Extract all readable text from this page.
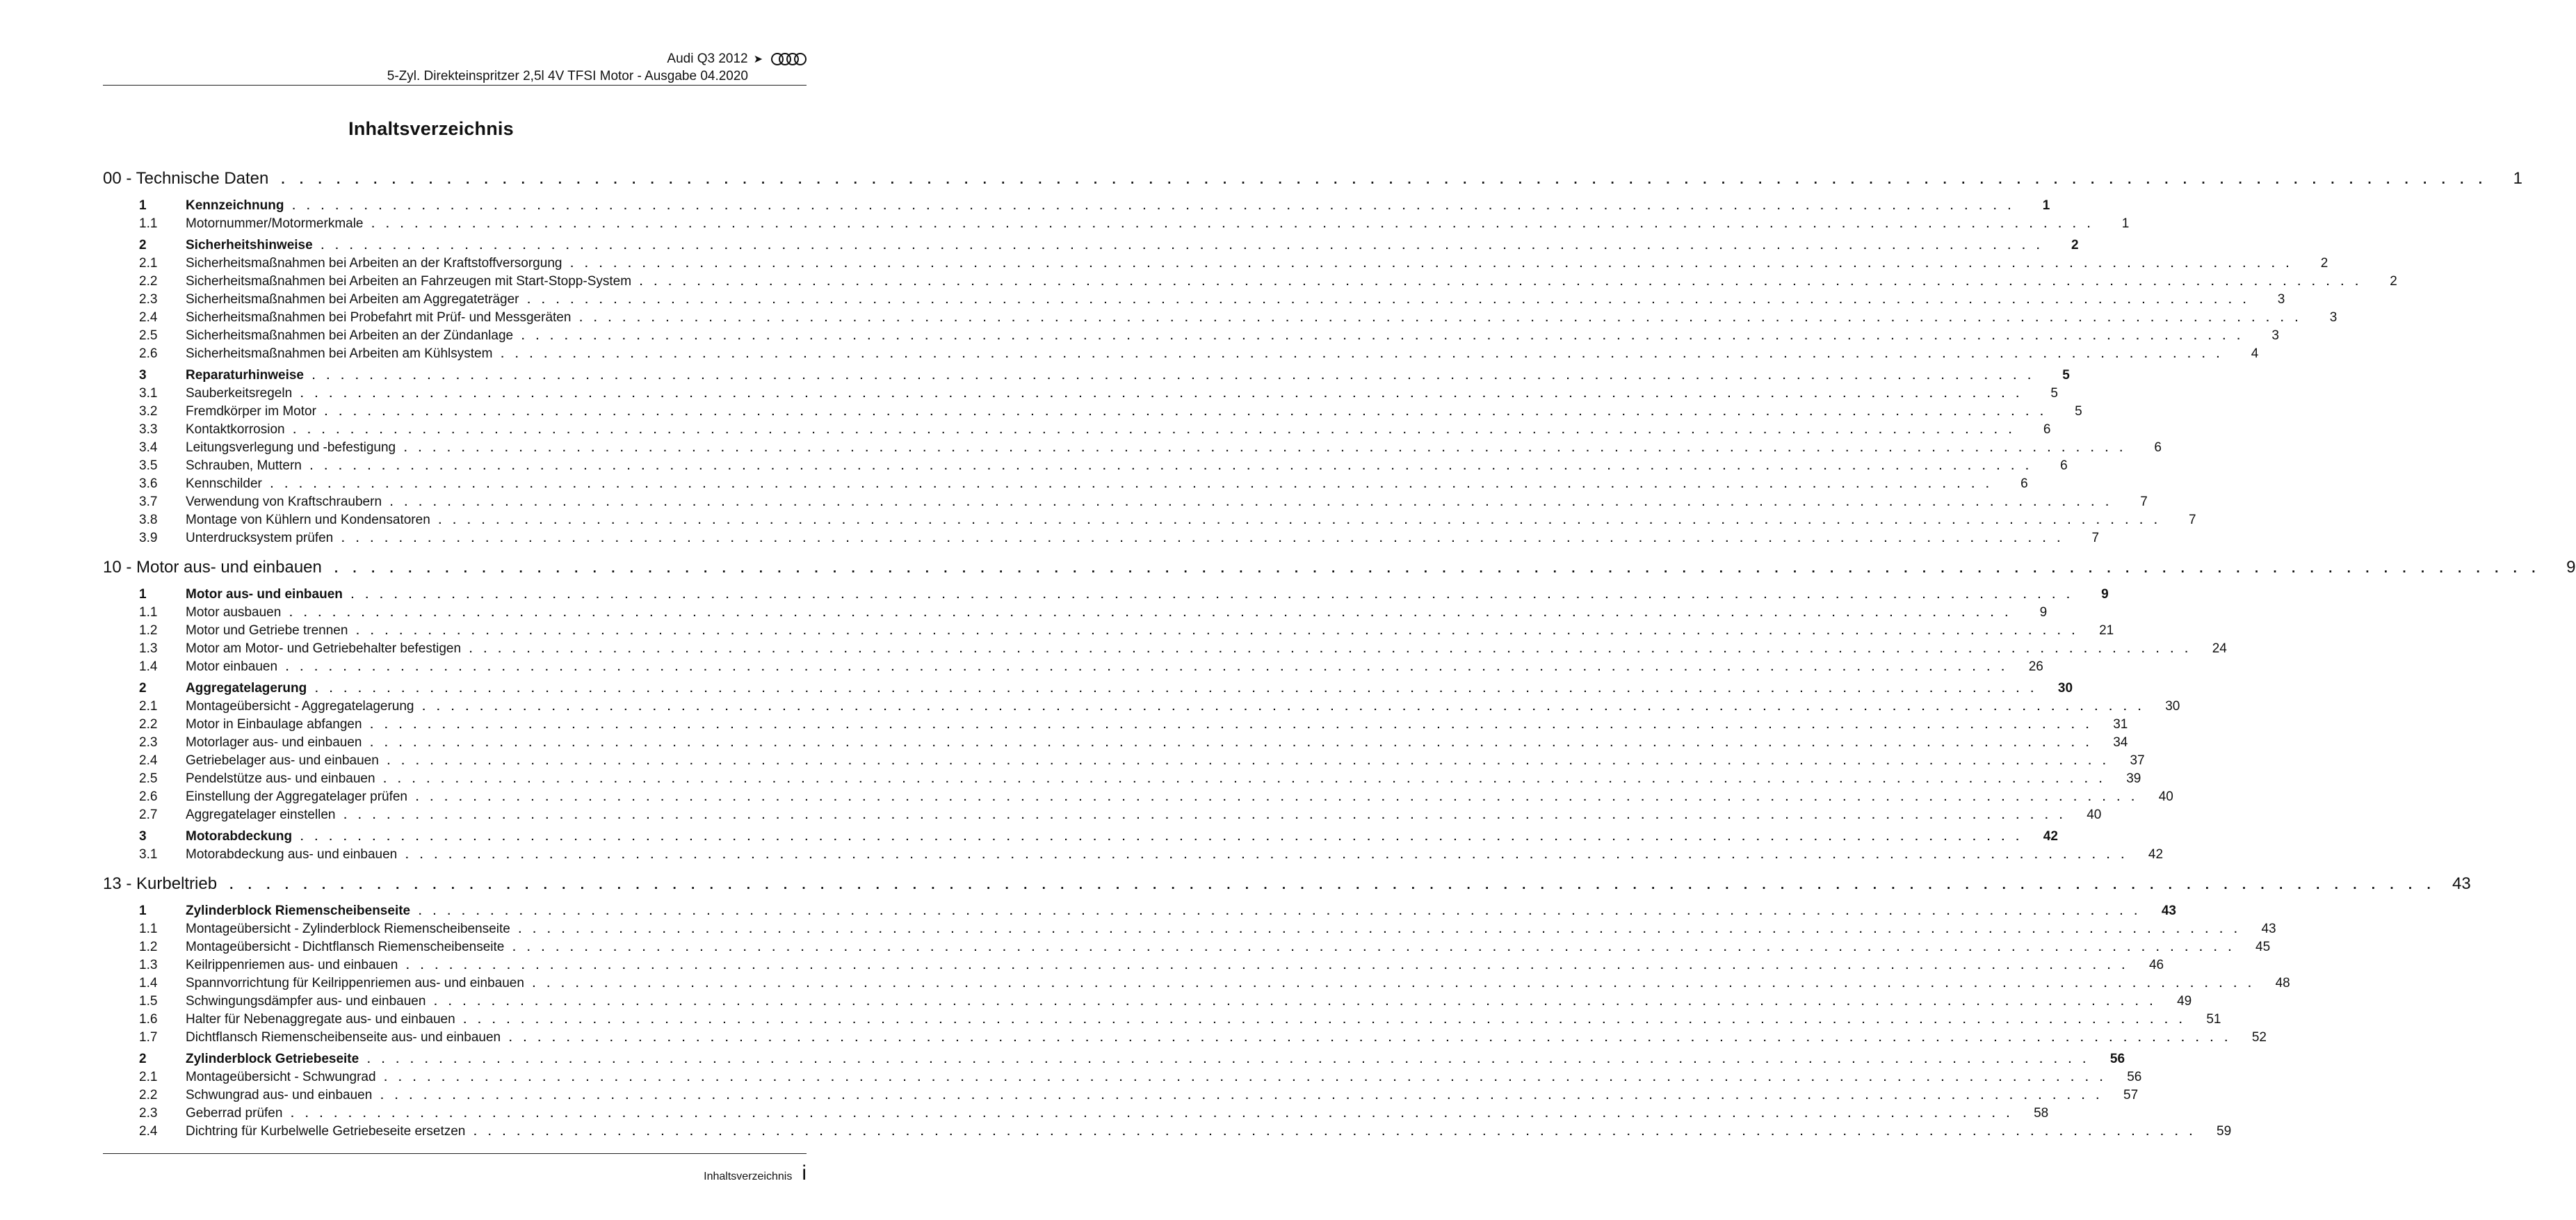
Audi Q3 2012 ➤
5-Zyl. Direkteinspritzer 2,5l 4V TFSI Motor - Ausgabe 04.2020
Inhaltsverzeichnis
00 - Technische Daten . . . . . . . . . . . . . . . . . . . . . . . . . . . . . . . . . . . . . . . . . . . . . . . . . . . . . . . . . . . . . . . . . . . . . . . . . . . . . . . . . . . . . . . . . . . . . . . . . . . . . . . . . . . . . . . . . . . . . . . .	1
1	Kennzeichnung . . . . . . . . . . . . . . . . . . . . . . . . . . . . . . . . . . . . . . . . . . . . . . . . . . . . . . . . . . . . . . . . . . . . . . . . . . . . . . . . . . . . . . . . . . . . . . . . . . . . . . . . . . . . . . . . . . . . . . . .	1
1.1	Motornummer/Motormerkmale . . . . . . . . . . . . . . . . . . . . . . . . . . . . . . . . . . . . . . . . . . . . . . . . . . . . . . . . . . . . . . . . . . . . . . . . . . . . . . . . . . . . . . . . . . . . . . . . . . . . . . . . . . . . . . . . . . . . . . . .	1
2	Sicherheitshinweise . . . . . . . . . . . . . . . . . . . . . . . . . . . . . . . . . . . . . . . . . . . . . . . . . . . . . . . . . . . . . . . . . . . . . . . . . . . . . . . . . . . . . . . . . . . . . . . . . . . . . . . . . . . . . . . . . . . . . . . .	2
2.1	Sicherheitsmaßnahmen bei Arbeiten an der Kraftstoffversorgung . . . . . . . . . . . . . . . . . . . . . . . . . . . . . . . . . . . . . . . . . . . . . . . . . . . . . . . . . . . . . . . . . . . . . . . . . . . . . . . . . . . . . . . . . . . . . . . . . . . . . . . . . . . . . . . . . . . . . . . .	2
2.2	Sicherheitsmaßnahmen bei Arbeiten an Fahrzeugen mit Start-Stopp-System . . . . . . . . . . . . . . . . . . . . . . . . . . . . . . . . . . . . . . . . . . . . . . . . . . . . . . . . . . . . . . . . . . . . . . . . . . . . . . . . . . . . . . . . . . . . . . . . . . . . . . . . . . . . . . . . . . . . . . . .	2
2.3	Sicherheitsmaßnahmen bei Arbeiten am Aggregateträger . . . . . . . . . . . . . . . . . . . . . . . . . . . . . . . . . . . . . . . . . . . . . . . . . . . . . . . . . . . . . . . . . . . . . . . . . . . . . . . . . . . . . . . . . . . . . . . . . . . . . . . . . . . . . . . . . . . . . . . .	3
2.4	Sicherheitsmaßnahmen bei Probefahrt mit Prüf- und Messgeräten . . . . . . . . . . . . . . . . . . . . . . . . . . . . . . . . . . . . . . . . . . . . . . . . . . . . . . . . . . . . . . . . . . . . . . . . . . . . . . . . . . . . . . . . . . . . . . . . . . . . . . . . . . . . . . . . . . . . . . . .	3
2.5	Sicherheitsmaßnahmen bei Arbeiten an der Zündanlage . . . . . . . . . . . . . . . . . . . . . . . . . . . . . . . . . . . . . . . . . . . . . . . . . . . . . . . . . . . . . . . . . . . . . . . . . . . . . . . . . . . . . . . . . . . . . . . . . . . . . . . . . . . . . . . . . . . . . . . .	3
2.6	Sicherheitsmaßnahmen bei Arbeiten am Kühlsystem . . . . . . . . . . . . . . . . . . . . . . . . . . . . . . . . . . . . . . . . . . . . . . . . . . . . . . . . . . . . . . . . . . . . . . . . . . . . . . . . . . . . . . . . . . . . . . . . . . . . . . . . . . . . . . . . . . . . . . . .	4
3	Reparaturhinweise . . . . . . . . . . . . . . . . . . . . . . . . . . . . . . . . . . . . . . . . . . . . . . . . . . . . . . . . . . . . . . . . . . . . . . . . . . . . . . . . . . . . . . . . . . . . . . . . . . . . . . . . . . . . . . . . . . . . . . . .	5
3.1	Sauberkeitsregeln . . . . . . . . . . . . . . . . . . . . . . . . . . . . . . . . . . . . . . . . . . . . . . . . . . . . . . . . . . . . . . . . . . . . . . . . . . . . . . . . . . . . . . . . . . . . . . . . . . . . . . . . . . . . . . . . . . . . . . . .	5
3.2	Fremdkörper im Motor . . . . . . . . . . . . . . . . . . . . . . . . . . . . . . . . . . . . . . . . . . . . . . . . . . . . . . . . . . . . . . . . . . . . . . . . . . . . . . . . . . . . . . . . . . . . . . . . . . . . . . . . . . . . . . . . . . . . . . . .	5
3.3	Kontaktkorrosion . . . . . . . . . . . . . . . . . . . . . . . . . . . . . . . . . . . . . . . . . . . . . . . . . . . . . . . . . . . . . . . . . . . . . . . . . . . . . . . . . . . . . . . . . . . . . . . . . . . . . . . . . . . . . . . . . . . . . . . .	6
3.4	Leitungsverlegung und -befestigung . . . . . . . . . . . . . . . . . . . . . . . . . . . . . . . . . . . . . . . . . . . . . . . . . . . . . . . . . . . . . . . . . . . . . . . . . . . . . . . . . . . . . . . . . . . . . . . . . . . . . . . . . . . . . . . . . . . . . . . .	6
3.5	Schrauben, Muttern . . . . . . . . . . . . . . . . . . . . . . . . . . . . . . . . . . . . . . . . . . . . . . . . . . . . . . . . . . . . . . . . . . . . . . . . . . . . . . . . . . . . . . . . . . . . . . . . . . . . . . . . . . . . . . . . . . . . . . . .	6
3.6	Kennschilder . . . . . . . . . . . . . . . . . . . . . . . . . . . . . . . . . . . . . . . . . . . . . . . . . . . . . . . . . . . . . . . . . . . . . . . . . . . . . . . . . . . . . . . . . . . . . . . . . . . . . . . . . . . . . . . . . . . . . . . .	6
3.7	Verwendung von Kraftschraubern . . . . . . . . . . . . . . . . . . . . . . . . . . . . . . . . . . . . . . . . . . . . . . . . . . . . . . . . . . . . . . . . . . . . . . . . . . . . . . . . . . . . . . . . . . . . . . . . . . . . . . . . . . . . . . . . . . . . . . . .	7
3.8	Montage von Kühlern und Kondensatoren . . . . . . . . . . . . . . . . . . . . . . . . . . . . . . . . . . . . . . . . . . . . . . . . . . . . . . . . . . . . . . . . . . . . . . . . . . . . . . . . . . . . . . . . . . . . . . . . . . . . . . . . . . . . . . . . . . . . . . . .	7
3.9	Unterdrucksystem prüfen . . . . . . . . . . . . . . . . . . . . . . . . . . . . . . . . . . . . . . . . . . . . . . . . . . . . . . . . . . . . . . . . . . . . . . . . . . . . . . . . . . . . . . . . . . . . . . . . . . . . . . . . . . . . . . . . . . . . . . . .	7
10 - Motor aus- und einbauen . . . . . . . . . . . . . . . . . . . . . . . . . . . . . . . . . . . . . . . . . . . . . . . . . . . . . . . . . . . . . . . . . . . . . . . . . . . . . . . . . . . . . . . . . . . . . . . . . . . . . . . . . . . . . . . . . . . . . . . .	9
1	Motor aus- und einbauen . . . . . . . . . . . . . . . . . . . . . . . . . . . . . . . . . . . . . . . . . . . . . . . . . . . . . . . . . . . . . . . . . . . . . . . . . . . . . . . . . . . . . . . . . . . . . . . . . . . . . . . . . . . . . . . . . . . . . . . .	9
1.1	Motor ausbauen . . . . . . . . . . . . . . . . . . . . . . . . . . . . . . . . . . . . . . . . . . . . . . . . . . . . . . . . . . . . . . . . . . . . . . . . . . . . . . . . . . . . . . . . . . . . . . . . . . . . . . . . . . . . . . . . . . . . . . . .	9
1.2	Motor und Getriebe trennen . . . . . . . . . . . . . . . . . . . . . . . . . . . . . . . . . . . . . . . . . . . . . . . . . . . . . . . . . . . . . . . . . . . . . . . . . . . . . . . . . . . . . . . . . . . . . . . . . . . . . . . . . . . . . . . . . . . . . . . .	21
1.3	Motor am Motor- und Getriebehalter befestigen . . . . . . . . . . . . . . . . . . . . . . . . . . . . . . . . . . . . . . . . . . . . . . . . . . . . . . . . . . . . . . . . . . . . . . . . . . . . . . . . . . . . . . . . . . . . . . . . . . . . . . . . . . . . . . . . . . . . . . . .	24
1.4	Motor einbauen . . . . . . . . . . . . . . . . . . . . . . . . . . . . . . . . . . . . . . . . . . . . . . . . . . . . . . . . . . . . . . . . . . . . . . . . . . . . . . . . . . . . . . . . . . . . . . . . . . . . . . . . . . . . . . . . . . . . . . . .	26
2	Aggregatelagerung . . . . . . . . . . . . . . . . . . . . . . . . . . . . . . . . . . . . . . . . . . . . . . . . . . . . . . . . . . . . . . . . . . . . . . . . . . . . . . . . . . . . . . . . . . . . . . . . . . . . . . . . . . . . . . . . . . . . . . . .	30
2.1	Montageübersicht - Aggregatelagerung . . . . . . . . . . . . . . . . . . . . . . . . . . . . . . . . . . . . . . . . . . . . . . . . . . . . . . . . . . . . . . . . . . . . . . . . . . . . . . . . . . . . . . . . . . . . . . . . . . . . . . . . . . . . . . . . . . . . . . . .	30
2.2	Motor in Einbaulage abfangen . . . . . . . . . . . . . . . . . . . . . . . . . . . . . . . . . . . . . . . . . . . . . . . . . . . . . . . . . . . . . . . . . . . . . . . . . . . . . . . . . . . . . . . . . . . . . . . . . . . . . . . . . . . . . . . . . . . . . . . .	31
2.3	Motorlager aus- und einbauen . . . . . . . . . . . . . . . . . . . . . . . . . . . . . . . . . . . . . . . . . . . . . . . . . . . . . . . . . . . . . . . . . . . . . . . . . . . . . . . . . . . . . . . . . . . . . . . . . . . . . . . . . . . . . . . . . . . . . . . .	34
2.4	Getriebelager aus- und einbauen . . . . . . . . . . . . . . . . . . . . . . . . . . . . . . . . . . . . . . . . . . . . . . . . . . . . . . . . . . . . . . . . . . . . . . . . . . . . . . . . . . . . . . . . . . . . . . . . . . . . . . . . . . . . . . . . . . . . . . . .	37
2.5	Pendelstütze aus- und einbauen . . . . . . . . . . . . . . . . . . . . . . . . . . . . . . . . . . . . . . . . . . . . . . . . . . . . . . . . . . . . . . . . . . . . . . . . . . . . . . . . . . . . . . . . . . . . . . . . . . . . . . . . . . . . . . . . . . . . . . . .	39
2.6	Einstellung der Aggregatelager prüfen . . . . . . . . . . . . . . . . . . . . . . . . . . . . . . . . . . . . . . . . . . . . . . . . . . . . . . . . . . . . . . . . . . . . . . . . . . . . . . . . . . . . . . . . . . . . . . . . . . . . . . . . . . . . . . . . . . . . . . . .	40
2.7	Aggregatelager einstellen . . . . . . . . . . . . . . . . . . . . . . . . . . . . . . . . . . . . . . . . . . . . . . . . . . . . . . . . . . . . . . . . . . . . . . . . . . . . . . . . . . . . . . . . . . . . . . . . . . . . . . . . . . . . . . . . . . . . . . . .	40
3	Motorabdeckung . . . . . . . . . . . . . . . . . . . . . . . . . . . . . . . . . . . . . . . . . . . . . . . . . . . . . . . . . . . . . . . . . . . . . . . . . . . . . . . . . . . . . . . . . . . . . . . . . . . . . . . . . . . . . . . . . . . . . . . .	42
3.1	Motorabdeckung aus- und einbauen . . . . . . . . . . . . . . . . . . . . . . . . . . . . . . . . . . . . . . . . . . . . . . . . . . . . . . . . . . . . . . . . . . . . . . . . . . . . . . . . . . . . . . . . . . . . . . . . . . . . . . . . . . . . . . . . . . . . . . . .	42
13 - Kurbeltrieb . . . . . . . . . . . . . . . . . . . . . . . . . . . . . . . . . . . . . . . . . . . . . . . . . . . . . . . . . . . . . . . . . . . . . . . . . . . . . . . . . . . . . . . . . . . . . . . . . . . . . . . . . . . . . . . . . . . . . . . . 43
1	Zylinderblock Riemenscheibenseite . . . . . . . . . . . . . . . . . . . . . . . . . . . . . . . . . . . . . . . . . . . . . . . . . . . . . . . . . . . . . . . . . . . . . . . . . . . . . . . . . . . . . . . . . . . . . . . . . . . . . . . . . . . . . . . . . . . . . . . .	43
1.1	Montageübersicht - Zylinderblock Riemenscheibenseite . . . . . . . . . . . . . . . . . . . . . . . . . . . . . . . . . . . . . . . . . . . . . . . . . . . . . . . . . . . . . . . . . . . . . . . . . . . . . . . . . . . . . . . . . . . . . . . . . . . . . . . . . . . . . . . . . . . . . . . .	43
1.2	Montageübersicht - Dichtflansch Riemenscheibenseite . . . . . . . . . . . . . . . . . . . . . . . . . . . . . . . . . . . . . . . . . . . . . . . . . . . . . . . . . . . . . . . . . . . . . . . . . . . . . . . . . . . . . . . . . . . . . . . . . . . . . . . . . . . . . . . . . . . . . . . .	45
1.3	Keilrippenriemen aus- und einbauen . . . . . . . . . . . . . . . . . . . . . . . . . . . . . . . . . . . . . . . . . . . . . . . . . . . . . . . . . . . . . . . . . . . . . . . . . . . . . . . . . . . . . . . . . . . . . . . . . . . . . . . . . . . . . . . . . . . . . . . .	46
1.4	Spannvorrichtung für Keilrippenriemen aus- und einbauen . . . . . . . . . . . . . . . . . . . . . . . . . . . . . . . . . . . . . . . . . . . . . . . . . . . . . . . . . . . . . . . . . . . . . . . . . . . . . . . . . . . . . . . . . . . . . . . . . . . . . . . . . . . . . . . . . . . . . . . .	48
1.5	Schwingungsdämpfer aus- und einbauen . . . . . . . . . . . . . . . . . . . . . . . . . . . . . . . . . . . . . . . . . . . . . . . . . . . . . . . . . . . . . . . . . . . . . . . . . . . . . . . . . . . . . . . . . . . . . . . . . . . . . . . . . . . . . . . . . . . . . . . .	49
1.6	Halter für Nebenaggregate aus- und einbauen . . . . . . . . . . . . . . . . . . . . . . . . . . . . . . . . . . . . . . . . . . . . . . . . . . . . . . . . . . . . . . . . . . . . . . . . . . . . . . . . . . . . . . . . . . . . . . . . . . . . . . . . . . . . . . . . . . . . . . . .	51
1.7	Dichtflansch Riemenscheibenseite aus- und einbauen . . . . . . . . . . . . . . . . . . . . . . . . . . . . . . . . . . . . . . . . . . . . . . . . . . . . . . . . . . . . . . . . . . . . . . . . . . . . . . . . . . . . . . . . . . . . . . . . . . . . . . . . . . . . . . . . . . . . . . . .	52
2	Zylinderblock Getriebeseite . . . . . . . . . . . . . . . . . . . . . . . . . . . . . . . . . . . . . . . . . . . . . . . . . . . . . . . . . . . . . . . . . . . . . . . . . . . . . . . . . . . . . . . . . . . . . . . . . . . . . . . . . . . . . . . . . . . . . . . .	56
2.1	Montageübersicht - Schwungrad . . . . . . . . . . . . . . . . . . . . . . . . . . . . . . . . . . . . . . . . . . . . . . . . . . . . . . . . . . . . . . . . . . . . . . . . . . . . . . . . . . . . . . . . . . . . . . . . . . . . . . . . . . . . . . . . . . . . . . . .	56
2.2	Schwungrad aus- und einbauen . . . . . . . . . . . . . . . . . . . . . . . . . . . . . . . . . . . . . . . . . . . . . . . . . . . . . . . . . . . . . . . . . . . . . . . . . . . . . . . . . . . . . . . . . . . . . . . . . . . . . . . . . . . . . . . . . . . . . . . .	57
2.3	Geberrad prüfen . . . . . . . . . . . . . . . . . . . . . . . . . . . . . . . . . . . . . . . . . . . . . . . . . . . . . . . . . . . . . . . . . . . . . . . . . . . . . . . . . . . . . . . . . . . . . . . . . . . . . . . . . . . . . . . . . . . . . . . .	58
2.4	Dichtring für Kurbelwelle Getriebeseite ersetzen . . . . . . . . . . . . . . . . . . . . . . . . . . . . . . . . . . . . . . . . . . . . . . . . . . . . . . . . . . . . . . . . . . . . . . . . . . . . . . . . . . . . . . . . . . . . . . . . . . . . . . . . . . . . . . . . . . . . . . . .	59
Inhaltsverzeichnis i
